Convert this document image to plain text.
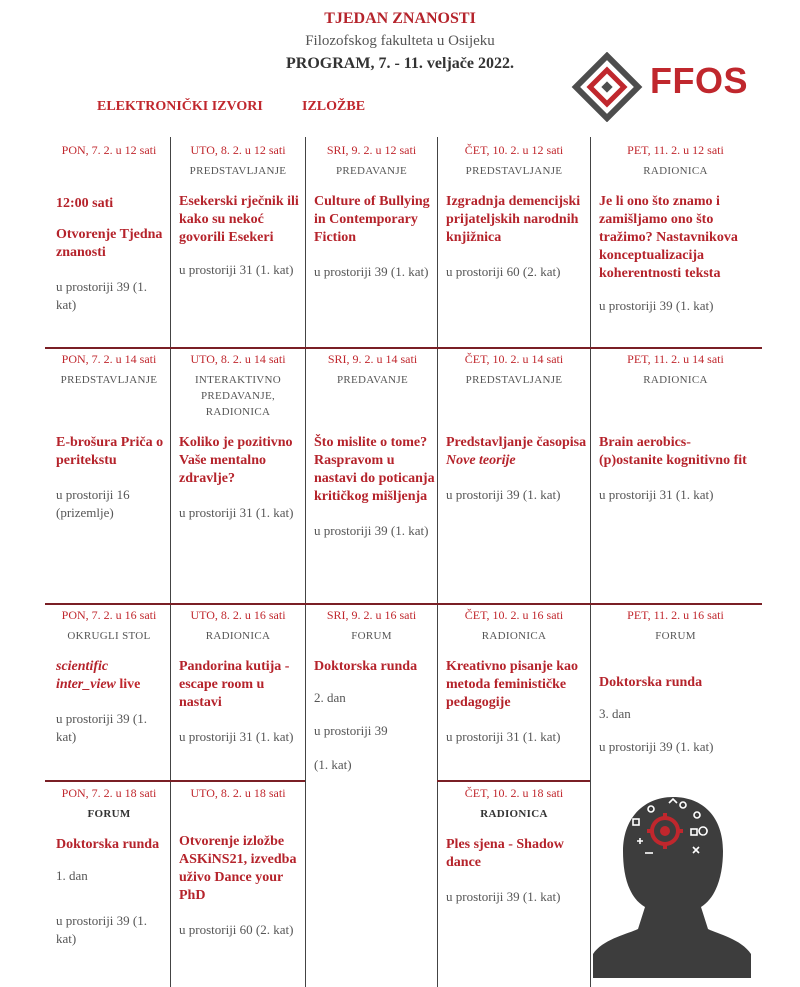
TJEDAN ZNANOSTI
Filozofskog fakulteta u Osijeku
PROGRAM, 7. - 11. veljače 2022.
ELEKTRONIČKI IZVORI	IZLOŽBE
FFOS
PON, 7. 2. u 12 sati
12:00 sati
Otvorenje Tjedna znanosti
u prostoriji 39 (1. kat)
UTO, 8. 2. u 12 sati
PREDSTAVLJANJE
Esekerski rječnik ili kako su nekoć govorili Esekeri
u prostoriji 31 (1. kat)
SRI, 9. 2. u 12 sati
PREDAVANJE
Culture of Bullying in Contemporary Fiction
u prostoriji 39 (1. kat)
ČET, 10. 2. u 12 sati
PREDSTAVLJANJE
Izgradnja demencijski prijateljskih narodnih knjižnica
u prostoriji 60 (2. kat)
PET, 11. 2. u 12 sati
RADIONICA
Je li ono što znamo i zamišljamo ono što tražimo? Nastavnikova konceptualizacija koherentnosti teksta
u prostoriji 39 (1. kat)
PON, 7. 2. u 14 sati
PREDSTAVLJANJE
E-brošura Priča o peritekstu
u prostoriji 16 (prizemlje)
UTO, 8. 2. u 14 sati
INTERAKTIVNO PREDAVANJE, RADIONICA
Koliko je pozitivno Vaše mentalno zdravlje?
u prostoriji 31 (1. kat)
SRI, 9. 2. u 14 sati
PREDAVANJE
Što mislite o tome? Raspravom u nastavi do poticanja kritičkog mišljenja
u prostoriji 39 (1. kat)
ČET, 10. 2. u 14 sati
PREDSTAVLJANJE
Predstavljanje časopisa Nove teorije
u prostoriji 39 (1. kat)
PET, 11. 2. u 14 sati
RADIONICA
Brain aerobics- (p)ostanite kognitivno fit
u prostoriji 31 (1. kat)
PON, 7. 2. u 16 sati
OKRUGLI STOL
scientific inter_view live
u prostoriji 39 (1. kat)
UTO, 8. 2. u 16 sati
RADIONICA
Pandorina kutija - escape room u nastavi
u prostoriji 31 (1. kat)
SRI, 9. 2. u 16 sati
FORUM
Doktorska runda
2. dan
u prostoriji 39
(1. kat)
ČET, 10. 2. u 16 sati
RADIONICA
Kreativno pisanje kao metoda feminističke pedagogije
u prostoriji 31 (1. kat)
PET, 11. 2. u 16 sati
FORUM
Doktorska runda
3. dan
u prostoriji 39 (1. kat)
PON, 7. 2. u 18 sati
FORUM
Doktorska runda
1. dan
u prostoriji 39 (1. kat)
UTO, 8. 2. u 18 sati
Otvorenje izložbe ASKiNS21, izvedba uživo Dance your PhD
u prostoriji 60 (2. kat)
ČET, 10. 2. u 18 sati
RADIONICA
Ples sjena - Shadow dance
u prostoriji 39 (1. kat)
